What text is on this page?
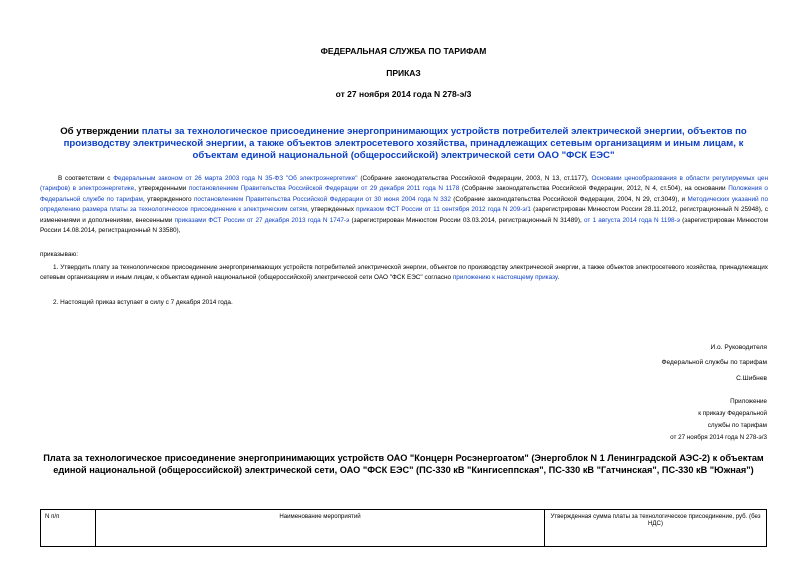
ФЕДЕРАЛЬНАЯ СЛУЖБА ПО ТАРИФАМ
ПРИКАЗ
от 27 ноября 2014 года N 278-э/3
Об утверждении платы за технологическое присоединение энергопринимающих устройств потребителей электрической энергии, объектов по производству электрической энергии, а также объектов электросетевого хозяйства, принадлежащих сетевым организациям и иным лицам, к объектам единой национальной (общероссийской) электрической сети ОАО "ФСК ЕЭС"
В соответствии с Федеральным законом от 26 марта 2003 года N 35-ФЗ "Об электроэнергетике" (Собрание законодательства Российской Федерации, 2003, N 13, ст.1177), Основами ценообразования в области регулируемых цен (тарифов) в электроэнергетике, утвержденными постановлением Правительства Российской Федерации от 29 декабря 2011 года N 1178 (Собрание законодательства Российской Федерации, 2012, N 4, ст.504), на основании Положения о Федеральной службе по тарифам, утвержденного постановлением Правительства Российской Федерации от 30 июня 2004 года N 332 (Собрание законодательства Российской Федерации, 2004, N 29, ст.3049), и Методических указаний по определению размера платы за технологическое присоединение к электрическим сетям, утвержденных приказом ФСТ России от 11 сентября 2012 года N 209-э/1 (зарегистрирован Минюстом России 28.11.2012, регистрационный N 25948), с изменениями и дополнениями, внесенными приказами ФСТ России от 27 декабря 2013 года N 1747-э (зарегистрирован Минюстом России 03.03.2014, регистрационный N 31489), от 1 августа 2014 года N 1198-э (зарегистрирован Минюстом России 14.08.2014, регистрационный N 33580),
приказываю:
1. Утвердить плату за технологическое присоединение энергопринимающих устройств потребителей электрической энергии, объектов по производству электрической энергии, а также объектов электросетевого хозяйства, принадлежащих сетевым организациям и иным лицам, к объектам единой национальной (общероссийской) электрической сети ОАО "ФСК ЕЭС" согласно приложению к настоящему приказу.
2. Настоящий приказ вступает в силу с 7 декабря 2014 года.
И.о. Руководителя
Федеральной службы по тарифам
С.Шибнев
Приложение
к приказу Федеральной
службы по тарифам
от 27 ноября 2014 года N 278-э/3
Плата за технологическое присоединение энергопринимающих устройств ОАО "Концерн Росэнергоатом" (Энергоблок N 1 Ленинградской АЭС-2) к объектам единой национальной (общероссийской) электрической сети, ОАО "ФСК ЕЭС" (ПС-330 кВ "Кингисеппская", ПС-330 кВ "Гатчинская", ПС-330 кВ "Южная")
N п/п	Наименование мероприятий	Утвержденная сумма платы за технологическое присоединение, руб. (без НДС)
